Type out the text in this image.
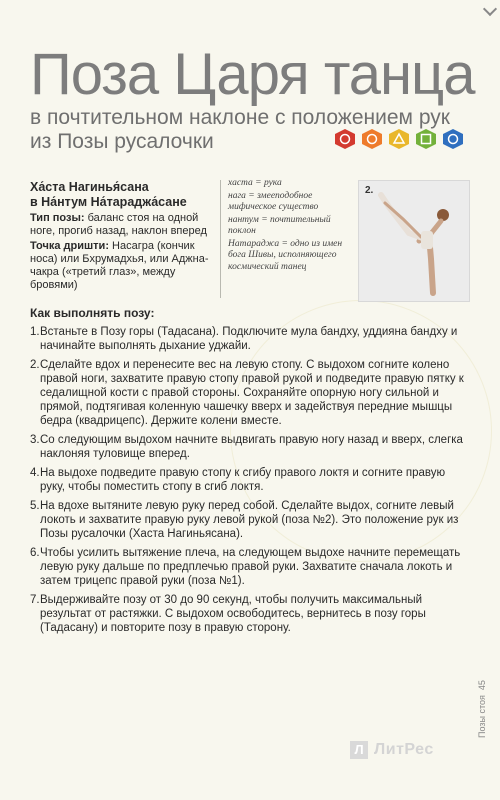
Поза Царя танца
в почтительном наклоне с положением рук из Позы русалочки
Ха́ста Нагинья́сана
в На́нтум На́тараджа́сане
Тип позы: баланс стоя на одной ноге, прогиб назад, наклон вперед
Точка дришти: Насагра (кончик носа) или Бхрумадхья, или Аджна-чакра («третий глаз», между бровями)
хаста = рука
нага = змееподобное мифическое существо
нантум = почтительный поклон
Натараджа = одно из имен бога Шивы, исполняющего космический танец
2.
Как выполнять позу:
1. Встаньте в Позу горы (Тадасана). Подключите мула бандху, уддияна бандху и начинайте выполнять дыхание уджайи.
2. Сделайте вдох и перенесите вес на левую стопу. С выдохом согните колено правой ноги, захватите правую стопу правой рукой и подведите правую пятку к седалищной кости с правой стороны. Сохраняйте опорную ногу сильной и прямой, подтягивая коленную чашечку вверх и задействуя передние мышцы бедра (квадрицепс). Держите колени вместе.
3. Со следующим выдохом начните выдвигать правую ногу назад и вверх, слегка наклоняя туловище вперед.
4. На выдохе подведите правую стопу к сгибу правого локтя и согните правую руку, чтобы поместить стопу в сгиб локтя.
5. На вдохе вытяните левую руку перед собой. Сделайте выдох, согните левый локоть и захватите правую руку левой рукой (поза №2). Это положение рук из Позы русалочки (Хаста Нагиньясана).
6. Чтобы усилить вытяжение плеча, на следующем выдохе начните перемещать левую руку дальше по предплечью правой руки. Захватите сначала локоть и затем трицепс правой руки (поза №1).
7. Выдерживайте позу от 30 до 90 секунд, чтобы получить максимальный результат от растяжки. С выдохом освободитесь, вернитесь в позу горы (Тадасану) и повторите позу в правую сторону.
Позы стоя  45
Л ЛитРес
